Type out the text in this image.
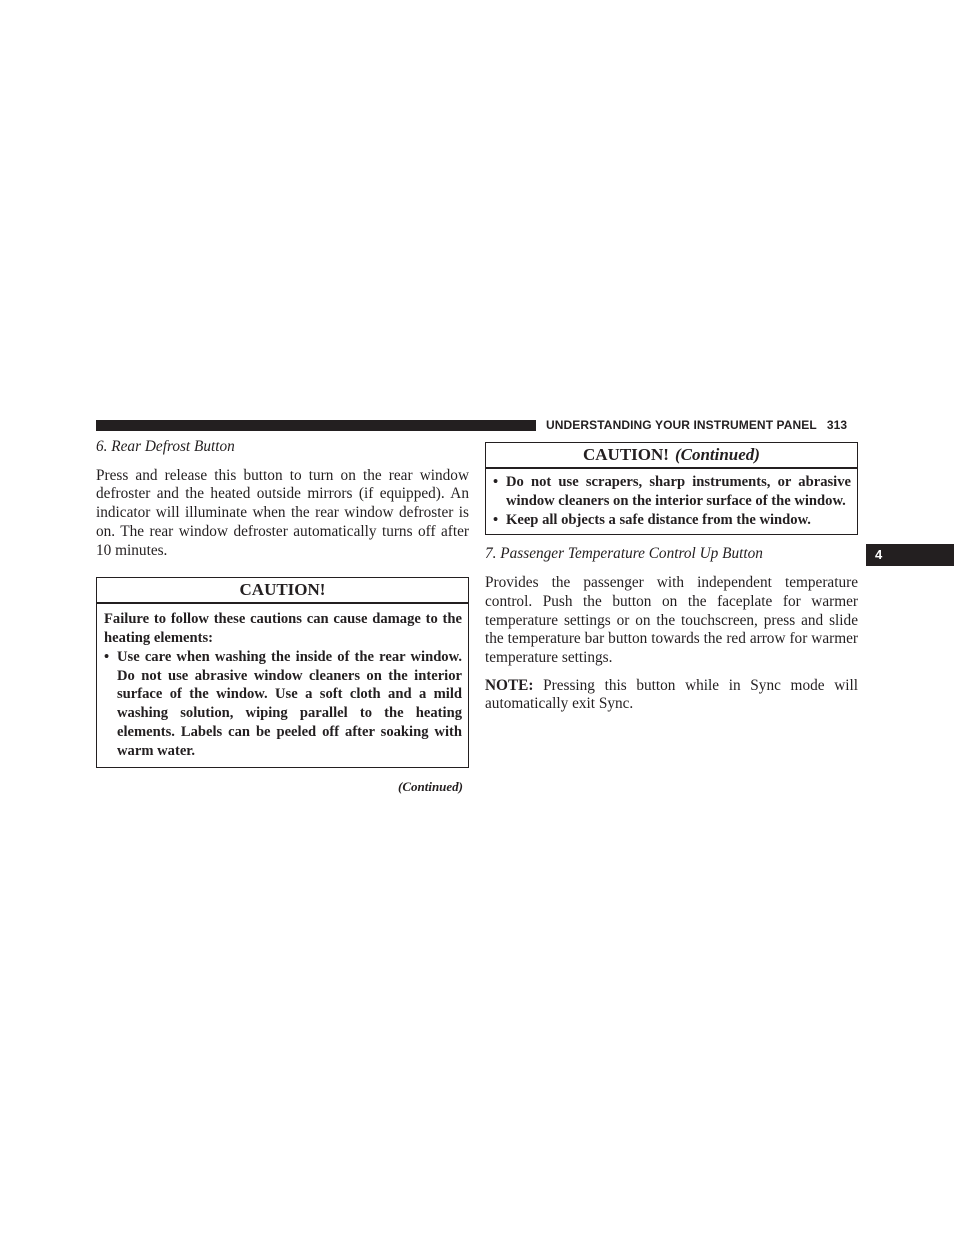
UNDERSTANDING YOUR INSTRUMENT PANEL 313
4

6. Rear Defrost Button

Press and release this button to turn on the rear window defroster and the heated outside mirrors (if equipped). An indicator will illuminate when the rear window defroster is on. The rear window defroster automatically turns off after 10 minutes.

CAUTION!

Failure to follow these cautions can cause damage to the heating elements:

• Use care when washing the inside of the rear window. Do not use abrasive window cleaners on the interior surface of the window. Use a soft cloth and a mild washing solution, wiping parallel to the heating elements. Labels can be peeled off after soaking with warm water.
(Continued)
CAUTION! (Continued)
• Do not use scrapers, sharp instruments, or abrasive window cleaners on the interior surface of the window.
• Keep all objects a safe distance from the window.

7. Passenger Temperature Control Up Button

Provides the passenger with independent temperature control. Push the button on the faceplate for warmer temperature settings or on the touchscreen, press and slide the temperature bar button towards the red arrow for warmer temperature settings.

NOTE: Pressing this button while in Sync mode will automatically exit Sync.
